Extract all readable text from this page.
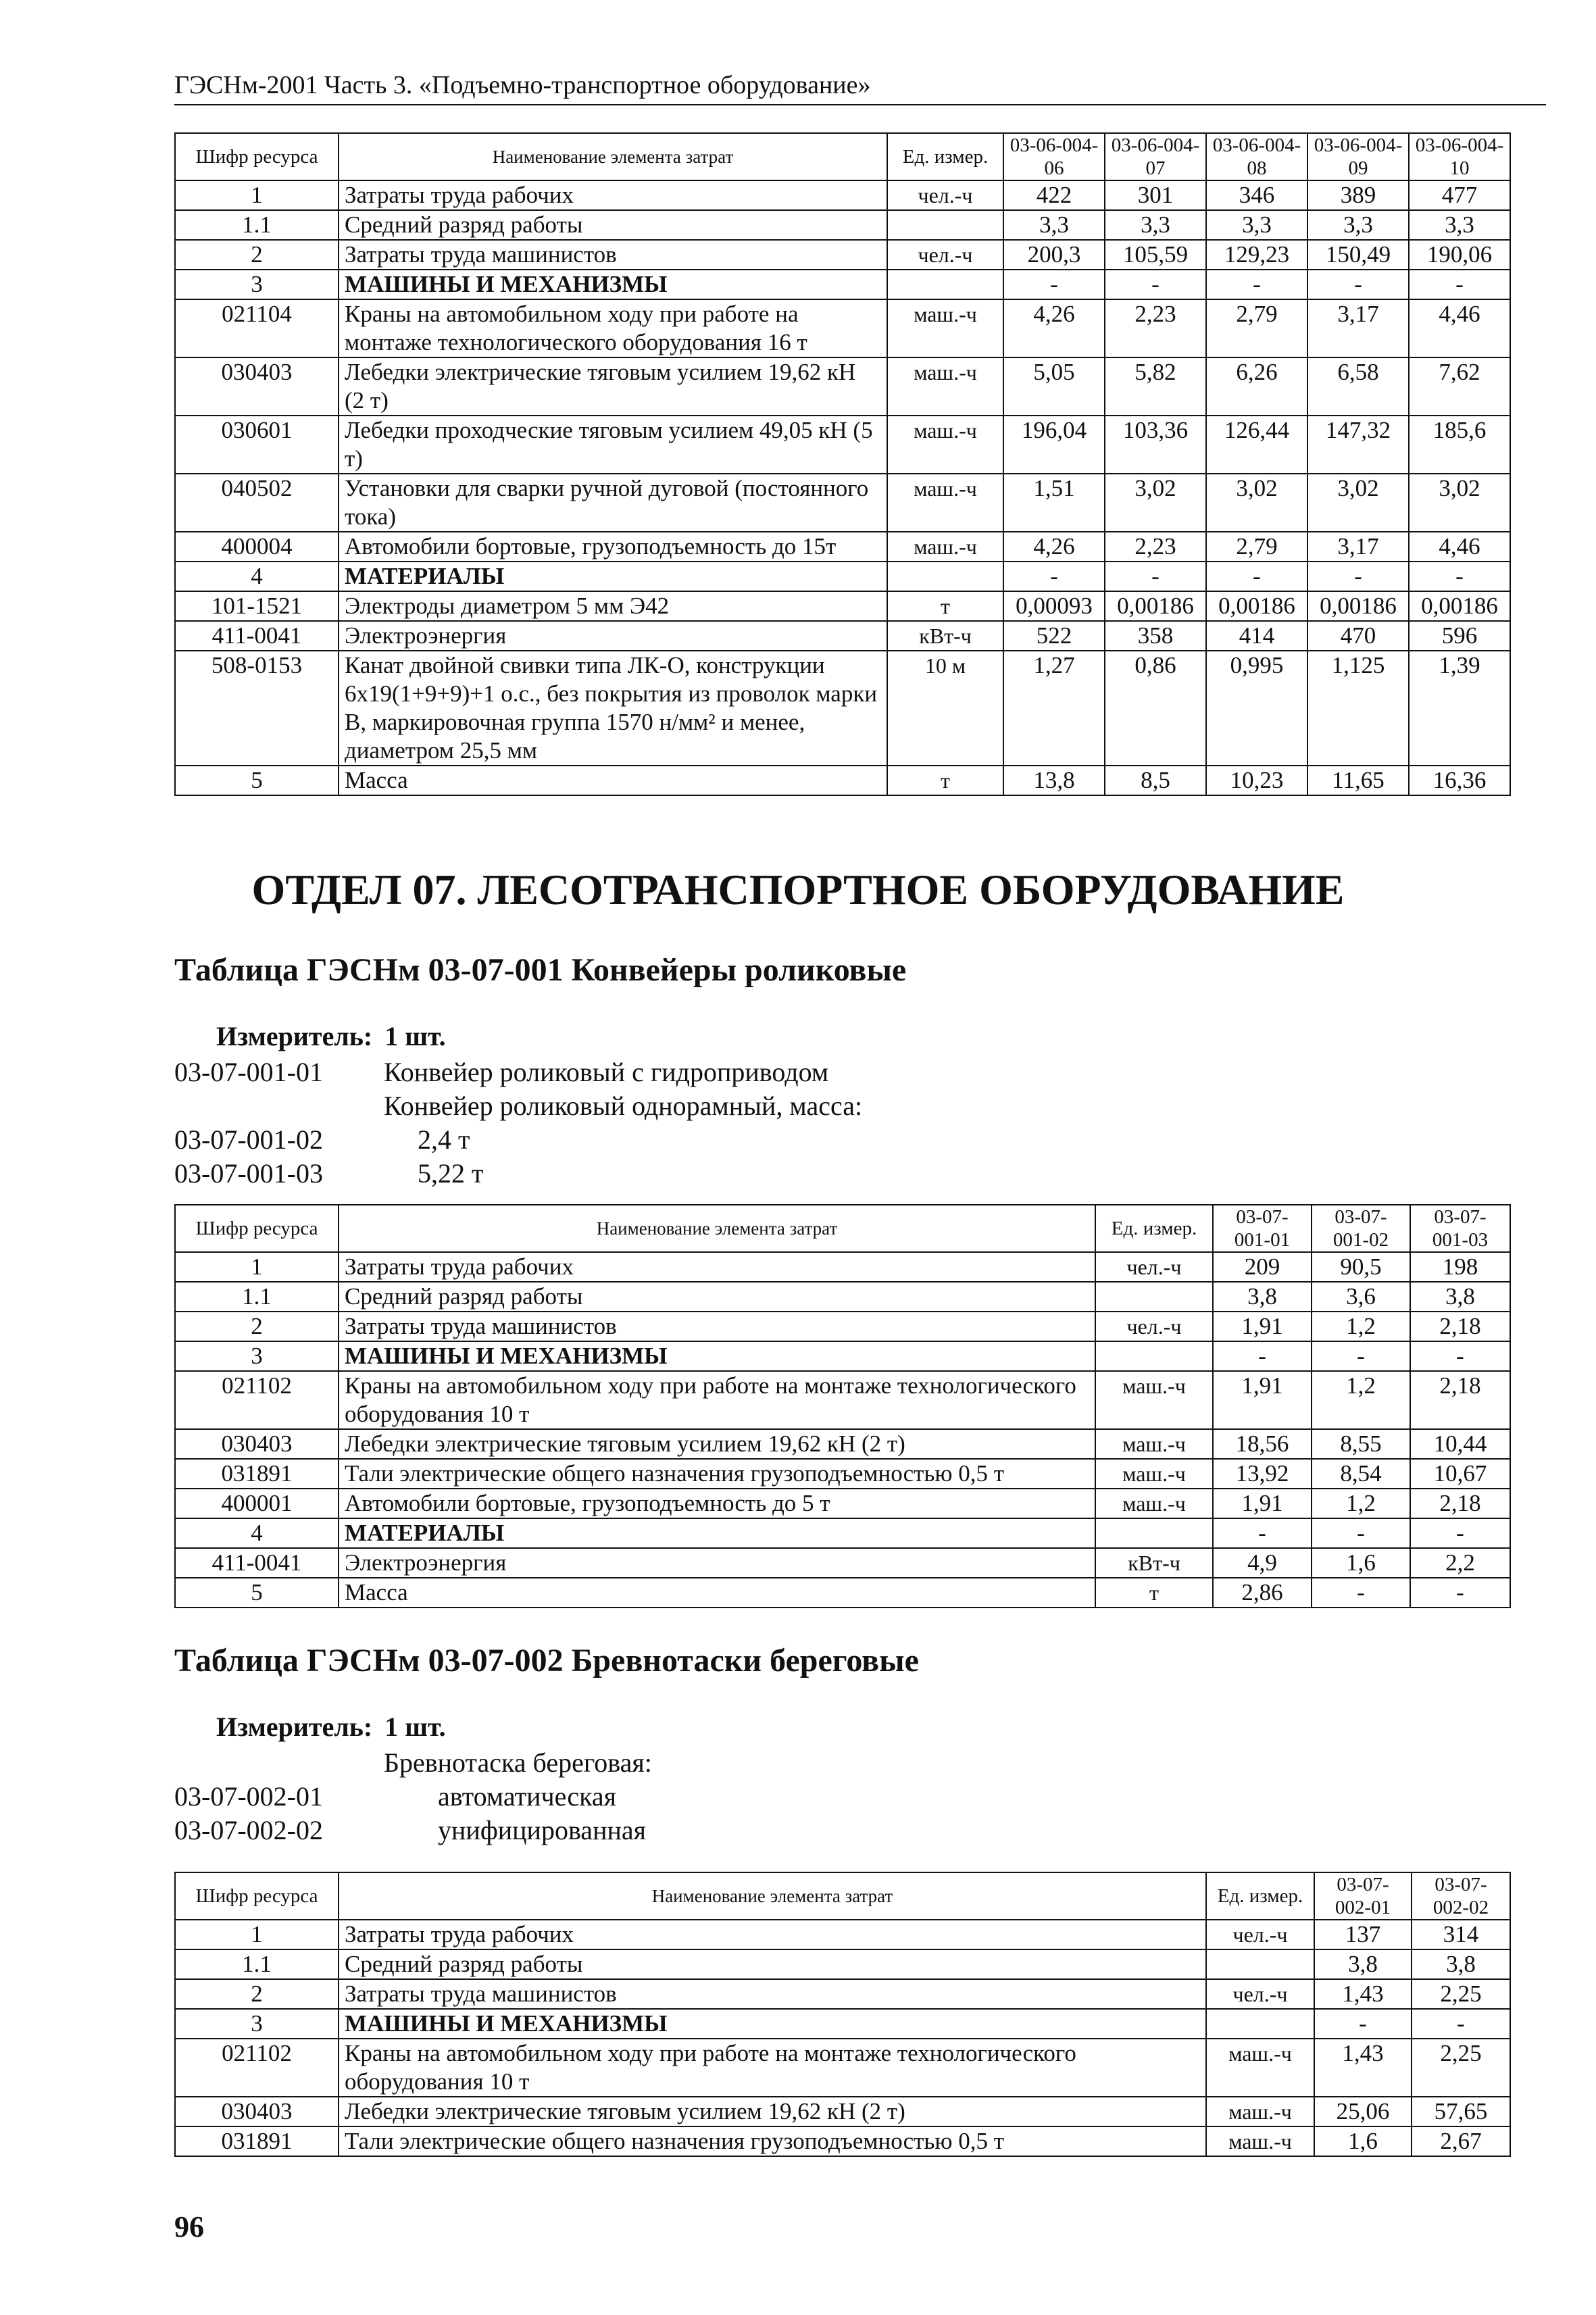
ГЭСНм-2001 Часть 3. «Подъемно-транспортное оборудование»
Шифр ресурса	Наименование элемента затрат	Ед. измер.	03-06-004-06	03-06-004-07	03-06-004-08	03-06-004-09	03-06-004-10
1	Затраты труда рабочих	чел.-ч	422	301	346	389	477
1.1	Средний разряд работы		3,3	3,3	3,3	3,3	3,3
2	Затраты труда машинистов	чел.-ч	200,3	105,59	129,23	150,49	190,06
3	МАШИНЫ И МЕХАНИЗМЫ		-	-	-	-	-
021104	Краны на автомобильном ходу при работе на монтаже технологического оборудования 16 т	маш.-ч	4,26	2,23	2,79	3,17	4,46
030403	Лебедки электрические тяговым усилием 19,62 кН (2 т)	маш.-ч	5,05	5,82	6,26	6,58	7,62
030601	Лебедки проходческие тяговым усилием 49,05 кН (5 т)	маш.-ч	196,04	103,36	126,44	147,32	185,6
040502	Установки для сварки ручной дуговой (постоянного тока)	маш.-ч	1,51	3,02	3,02	3,02	3,02
400004	Автомобили бортовые, грузоподъемность до 15т	маш.-ч	4,26	2,23	2,79	3,17	4,46
4	МАТЕРИАЛЫ		-	-	-	-	-
101-1521	Электроды диаметром 5 мм Э42	т	0,00093	0,00186	0,00186	0,00186	0,00186
411-0041	Электроэнергия	кВт-ч	522	358	414	470	596
508-0153	Канат двойной свивки типа ЛК-О, конструкции 6х19(1+9+9)+1 о.с., без покрытия из проволок марки В, маркировочная группа 1570 н/мм² и менее, диаметром 25,5 мм	10 м	1,27	0,86	0,995	1,125	1,39
5	Масса	т	13,8	8,5	10,23	11,65	16,36
ОТДЕЛ 07. ЛЕСОТРАНСПОРТНОЕ ОБОРУДОВАНИЕ
Таблица ГЭСНм 03-07-001 Конвейеры роликовые
Измеритель: 1 шт.
03-07-001-01 Конвейер роликовый с гидроприводом
Конвейер роликовый однорамный, масса:
03-07-001-02	2,4 т
03-07-001-03	5,22 т
Шифр ресурса	Наименование элемента затрат	Ед. измер.	03-07-001-01	03-07-001-02	03-07-001-03
1	Затраты труда рабочих	чел.-ч	209	90,5	198
1.1	Средний разряд работы		3,8	3,6	3,8
2	Затраты труда машинистов	чел.-ч	1,91	1,2	2,18
3	МАШИНЫ И МЕХАНИЗМЫ		-	-	-
021102	Краны на автомобильном ходу при работе на монтаже технологического оборудования 10 т	маш.-ч	1,91	1,2	2,18
030403	Лебедки электрические тяговым усилием 19,62 кН (2 т)	маш.-ч	18,56	8,55	10,44
031891	Тали электрические общего назначения грузоподъемностью 0,5 т	маш.-ч	13,92	8,54	10,67
400001	Автомобили бортовые, грузоподъемность до 5 т	маш.-ч	1,91	1,2	2,18
4	МАТЕРИАЛЫ		-	-	-
411-0041	Электроэнергия	кВт-ч	4,9	1,6	2,2
5	Масса	т	2,86	-	-
Таблица ГЭСНм 03-07-002 Бревнотаски береговые
Измеритель: 1 шт.
Бревнотаска береговая:
03-07-002-01	автоматическая
03-07-002-02	унифицированная
Шифр ресурса	Наименование элемента затрат	Ед. измер.	03-07-002-01	03-07-002-02
1	Затраты труда рабочих	чел.-ч	137	314
1.1	Средний разряд работы		3,8	3,8
2	Затраты труда машинистов	чел.-ч	1,43	2,25
3	МАШИНЫ И МЕХАНИЗМЫ		-	-
021102	Краны на автомобильном ходу при работе на монтаже технологического оборудования 10 т	маш.-ч	1,43	2,25
030403	Лебедки электрические тяговым усилием 19,62 кН (2 т)	маш.-ч	25,06	57,65
031891	Тали электрические общего назначения грузоподъемностью 0,5 т	маш.-ч	1,6	2,67
96
